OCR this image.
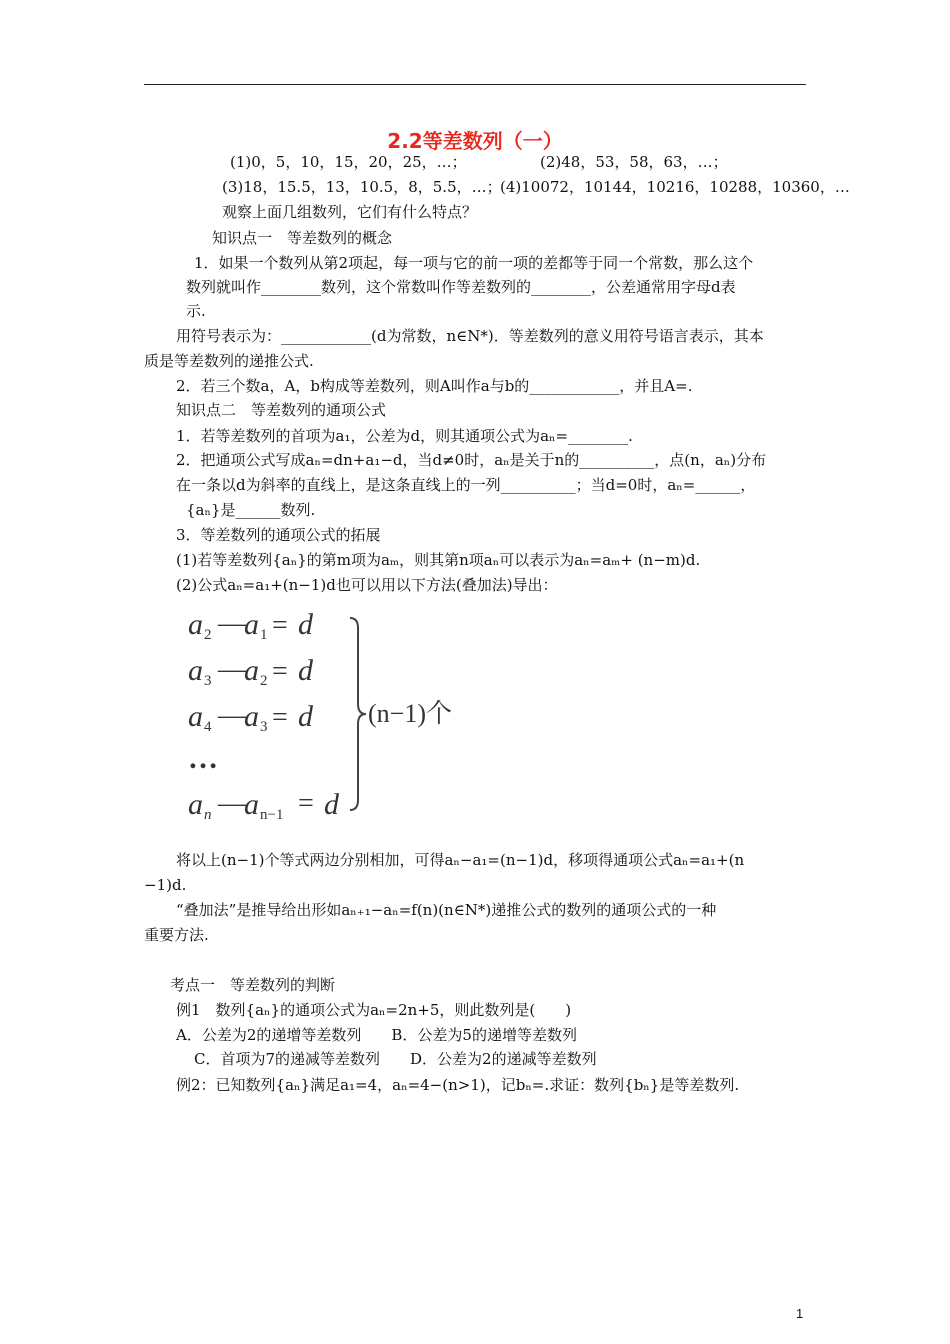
2.2等差数列（一）
(1)0，5，10，15，20，25，…；	(2)48，53，58，63，…；
(3)18，15.5，13，10.5，8，5.5，…；
(4)10072，10144，10216，10288，10360，…
观察上面几组数列，它们有什么特点？
知识点一　等差数列的概念
1．如果一个数列从第2项起，每一项与它的前一项的差都等于同一个常数，那么这个
数列就叫作________数列，这个常数叫作等差数列的________，公差通常用字母d表
示.
用符号表示为：____________(d为常数，n∈N*)．等差数列的意义用符号语言表示，其本
质是等差数列的递推公式.
2．若三个数a，A，b构成等差数列，则A叫作a与b的____________，并且A=.
知识点二　等差数列的通项公式
1．若等差数列的首项为a₁，公差为d，则其通项公式为aₙ=________.
2．把通项公式写成aₙ=dn+a₁−d，当d≠0时，aₙ是关于n的__________，点(n，aₙ)分布
在一条以d为斜率的直线上，是这条直线上的一列__________；当d=0时，aₙ=______，
{aₙ}是______数列.
3．等差数列的通项公式的拓展
(1)若等差数列{aₙ}的第m项为aₘ，则其第n项aₙ可以表示为aₙ=aₘ+ (n−m)d.
(2)公式aₙ=a₁+(n−1)d也可以用以下方法(叠加法)导出：
a 2 —
a 1 = d
a 3 —
a 2 = d
a 4 —
a 3 = d
…
a n —
a n−1 = d
(n−1)个
将以上(n−1)个等式两边分别相加，可得aₙ−a₁=(n−1)d，移项得通项公式aₙ=a₁+(n
−1)d.
“叠加法”是推导给出形如aₙ₊₁−aₙ=f(n)(n∈N*)递推公式的数列的通项公式的一种
重要方法.
考点一　等差数列的判断
例1　数列{aₙ}的通项公式为aₙ=2n+5，则此数列是(　　)
A．公差为2的递增等差数列　　B．公差为5的递增等差数列
C．首项为7的递减等差数列　　D．公差为2的递减等差数列
例2：已知数列{aₙ}满足a₁=4，aₙ=4−(n>1)，记bₙ=.求证：数列{bₙ}是等差数列.
1
